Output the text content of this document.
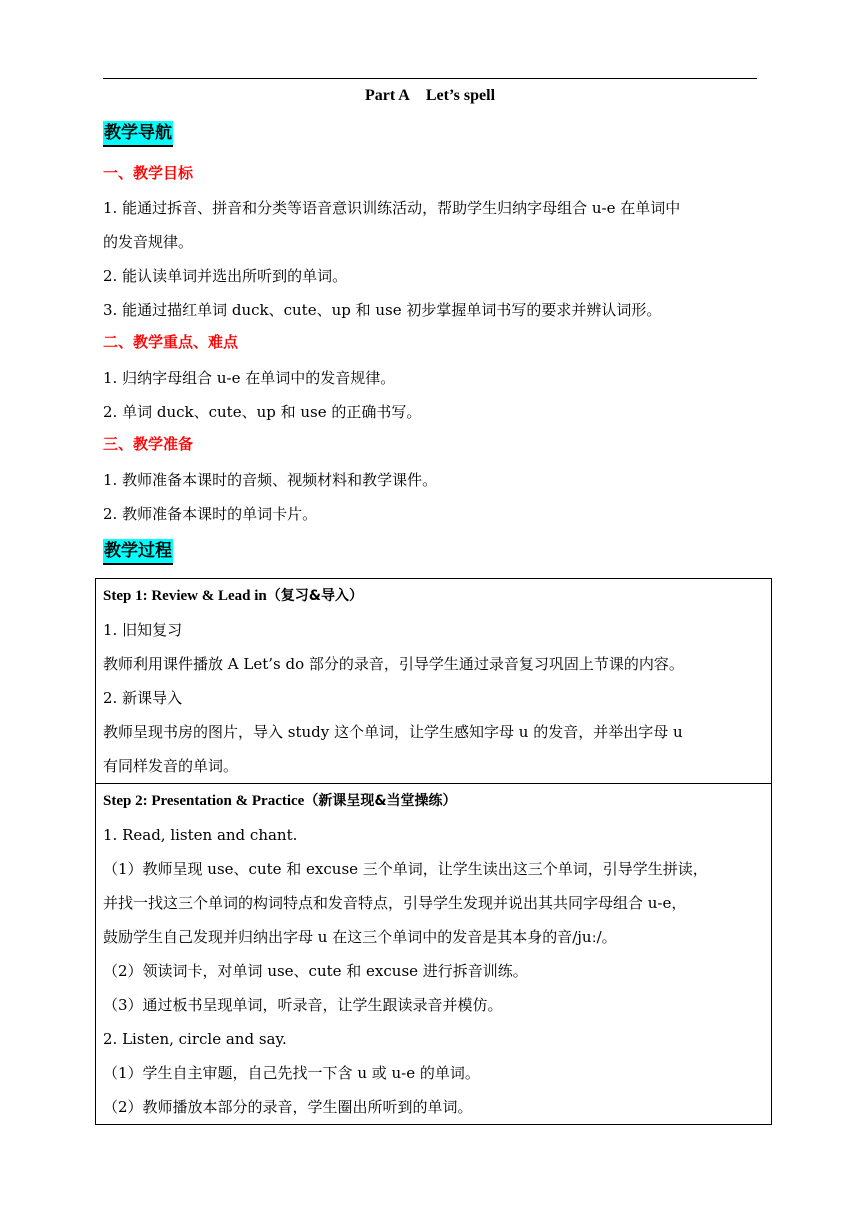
Part A Let’s spell
教学导航
一、教学目标
1. 能通过拆音、拼音和分类等语音意识训练活动，帮助学生归纳字母组合 u-e 在单词中
的发音规律。
2. 能认读单词并选出所听到的单词。
3. 能通过描红单词 duck、cute、up 和 use 初步掌握单词书写的要求并辨认词形。
二、教学重点、难点
1. 归纳字母组合 u-e 在单词中的发音规律。
2. 单词 duck、cute、up 和 use 的正确书写。
三、教学准备
1. 教师准备本课时的音频、视频材料和教学课件。
2. 教师准备本课时的单词卡片。
教学过程
Step 1: Review & Lead in （复习&导入）
1. 旧知复习
教师利用课件播放 A Let’s do 部分的录音，引导学生通过录音复习巩固上节课的内容。
2. 新课导入
教师呈现书房的图片，导入 study 这个单词，让学生感知字母 u 的发音，并举出字母 u
有同样发音的单词。

Step 2: Presentation & Practice （新课呈现&当堂操练）
1. Read, listen and chant.
（1）教师呈现 use、cute 和 excuse 三个单词，让学生读出这三个单词，引导学生拼读，
并找一找这三个单词的构词特点和发音特点，引导学生发现并说出其共同字母组合 u-e，
鼓励学生自己发现并归纳出字母 u 在这三个单词中的发音是其本身的音/juː/。
（2）领读词卡，对单词 use、cute 和 excuse 进行拆音训练。
（3）通过板书呈现单词，听录音，让学生跟读录音并模仿。
2. Listen, circle and say.
（1）学生自主审题，自己先找一下含 u 或 u-e 的单词。
（2）教师播放本部分的录音，学生圈出所听到的单词。
